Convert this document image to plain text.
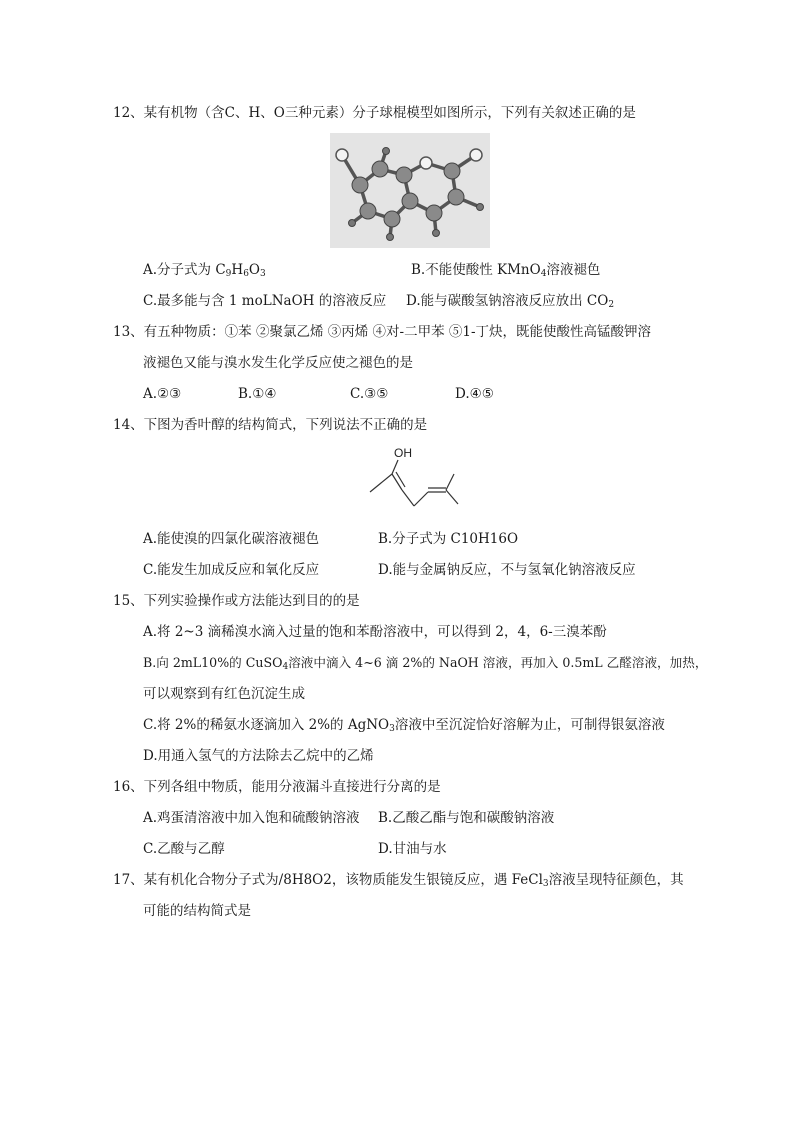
12、某有机物（含C、H、O三种元素）分子球棍模型如图所示，下列有关叙述正确的是
A.分子式为 $C_9H_6O_3$	B.不能使酸性 KMnO$_4$溶液褪色
C.最多能与含 1 moLNaOH 的溶液反应 D.能与碳酸氢钠溶液反应放出 $CO_2$
13、有五种物质：①苯 ②聚氯乙烯 ③丙烯 ④对-二甲苯 ⑤1-丁炔，既能使酸性高锰酸钾溶
液褪色又能与溴水发生化学反应使之褪色的是
A.②③	B.①④	C.③⑤	D.④⑤
14、下图为香叶醇的结构简式，下列说法不正确的是
OH
A.能使溴的四氯化碳溶液褪色	B.分子式为 C10H16O
C.能发生加成反应和氧化反应	D.能与金属钠反应，不与氢氧化钠溶液反应
15、下列实验操作或方法能达到目的的是
A.将 2~3 滴稀溴水滴入过量的饱和苯酚溶液中，可以得到 2，4，6-三溴苯酚
B.向 2mL10%的 CuSO$_4$溶液中滴入 4~6 滴 2%的 NaOH 溶液，再加入 0.5mL 乙醛溶液，加热，
可以观察到有红色沉淀生成
C.将 2%的稀氨水逐滴加入 2%的 AgNO$_3$溶液中至沉淀恰好溶解为止，可制得银氨溶液
D.用通入氢气的方法除去乙烷中的乙烯
16、下列各组中物质，能用分液漏斗直接进行分离的是
A.鸡蛋清溶液中加入饱和硫酸钠溶液 B.乙酸乙酯与饱和碳酸钠溶液
C.乙酸与乙醇	D.甘油与水
17、某有机化合物分子式为/8H8O2，该物质能发生银镜反应，遇 FeCl$_3$溶液呈现特征颜色，其
可能的结构简式是
